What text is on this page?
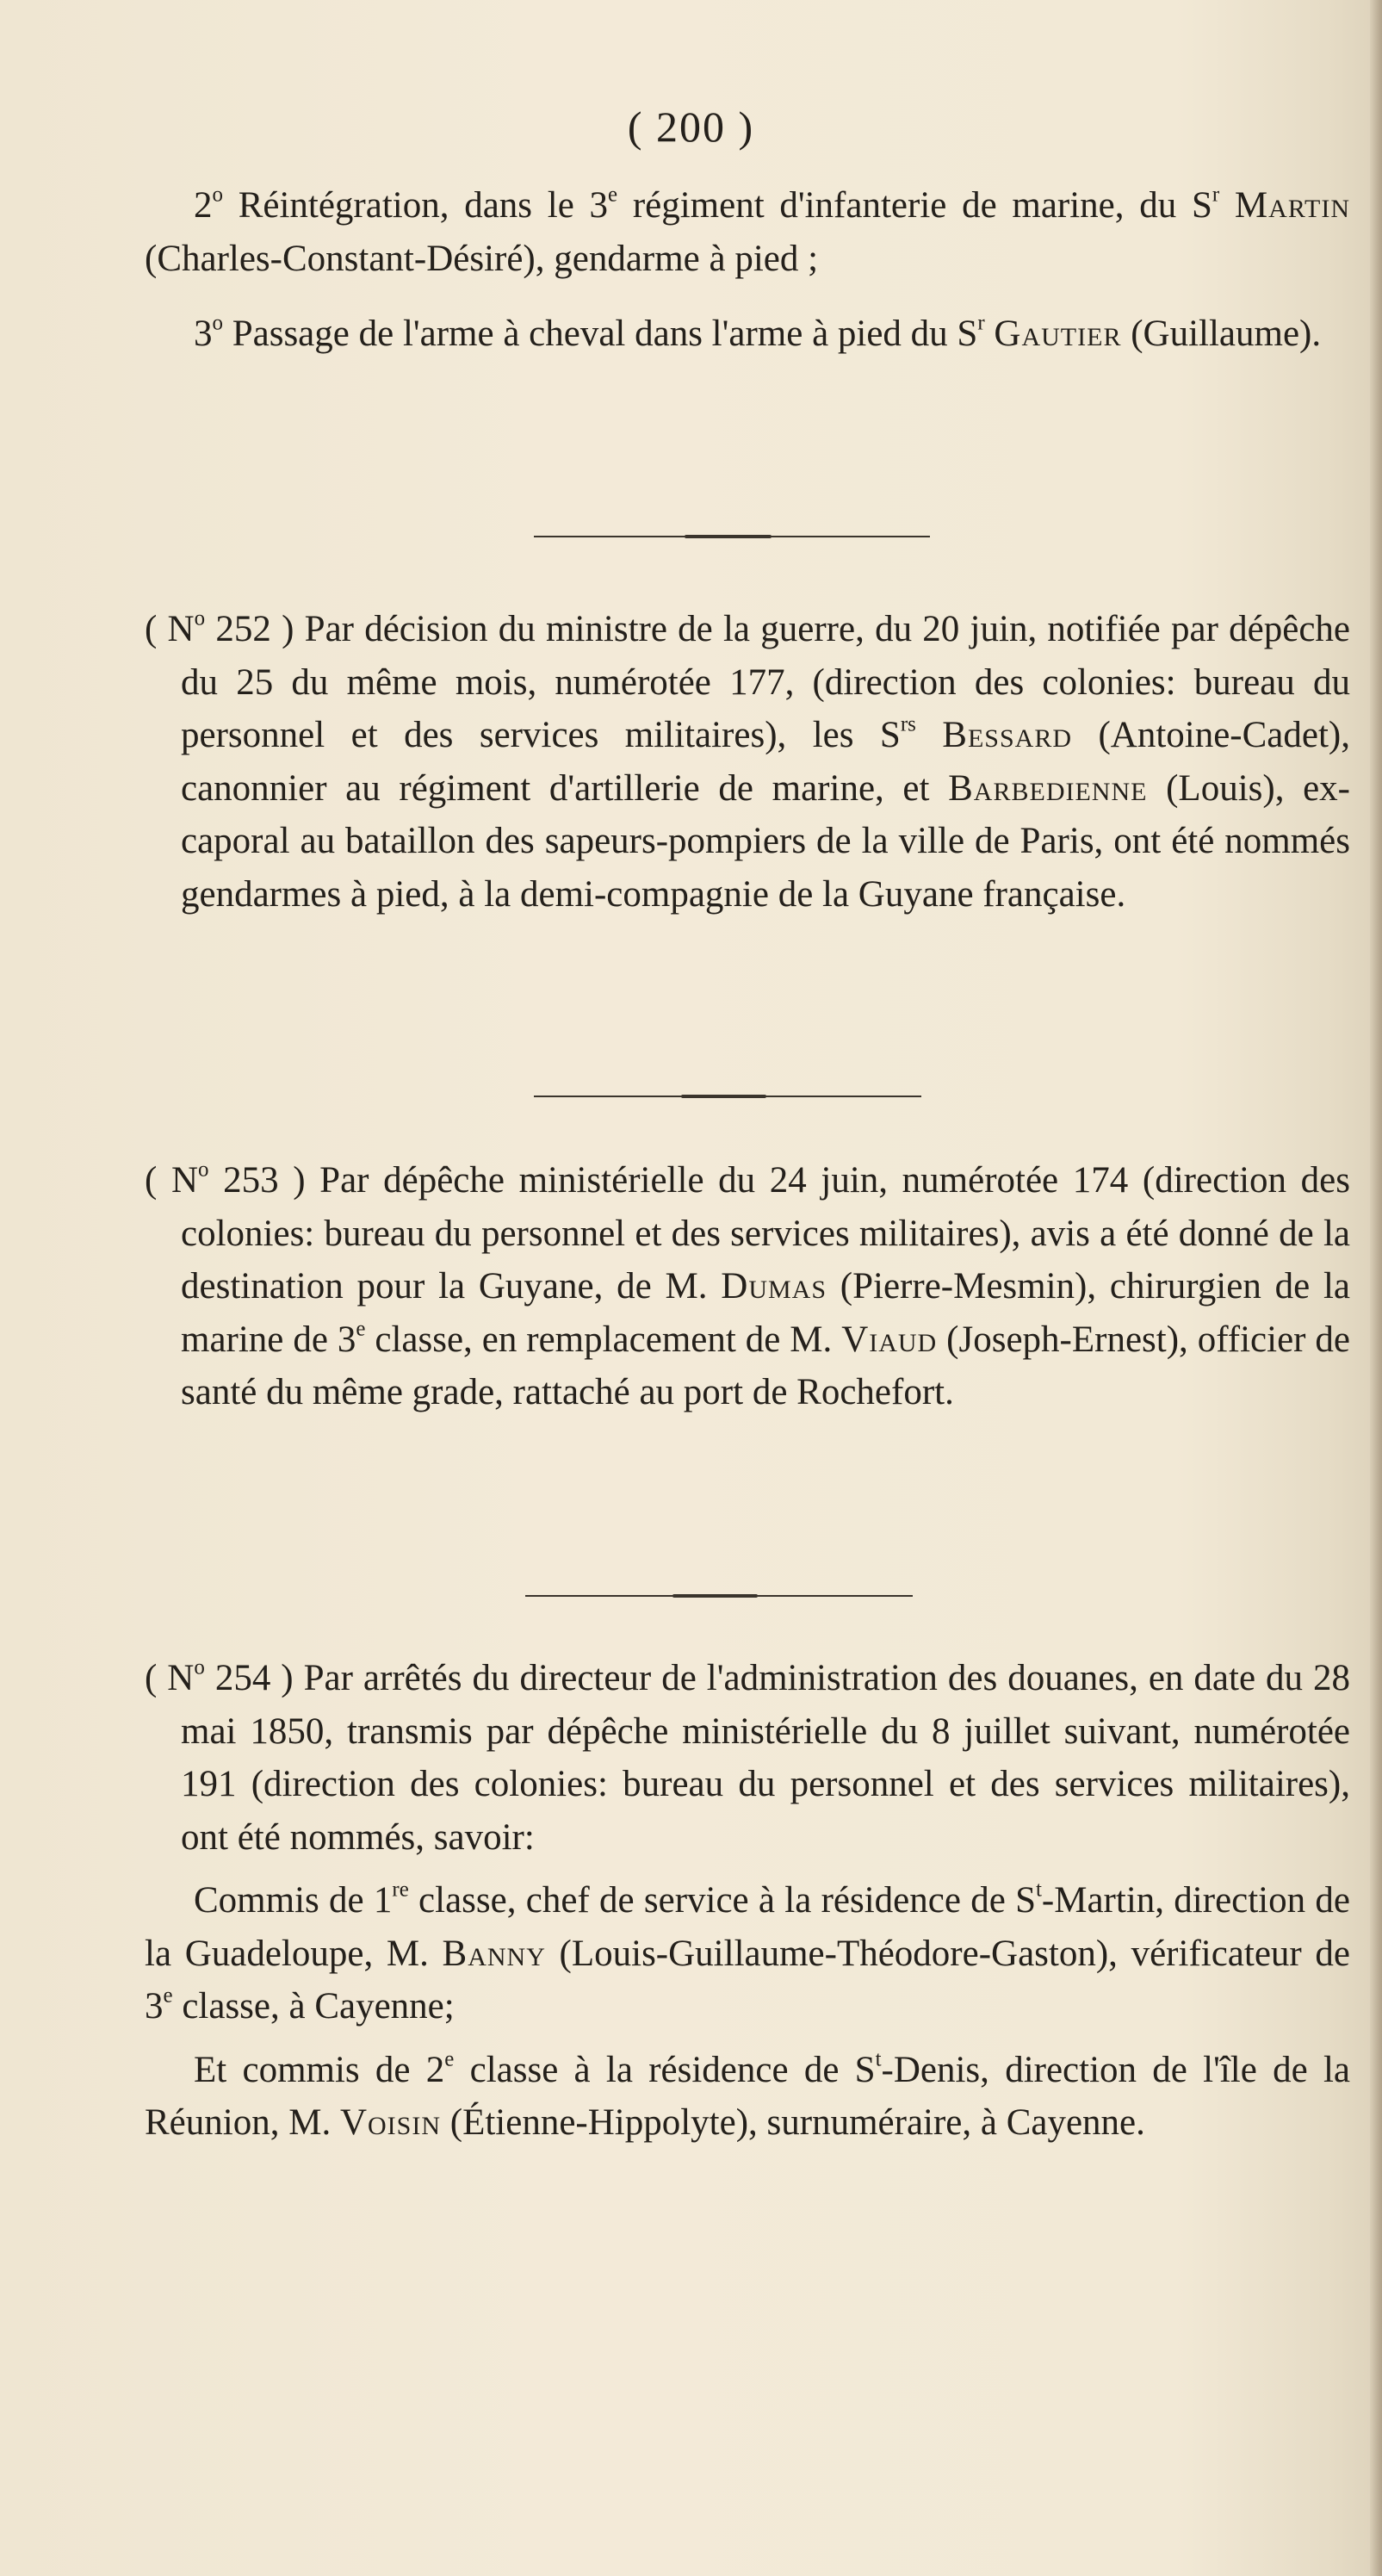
( 200 )

2$^o$ Réintégration, dans le 3e régiment d'infanterie de marine, du $S^r$ Martin (Charles-Constant-Désiré), gendarme à pied ;

3$^o$ Passage de l'arme à cheval dans l'arme à pied du $S^r$ Gautier (Guillaume).

( $N^o$ 252 ) Par décision du ministre de la guerre, du 20 juin, notifiée par dépêche du 25 du même mois, numérotée 177, (direction des colonies: bureau du personnel et des services militaires), les $S^{rs}$ Bessard (Antoine-Cadet), canonnier au régiment d'artillerie de marine, et Barbedienne (Louis), ex-caporal au bataillon des sapeurs-pompiers de la ville de Paris, ont été nommés gendarmes à pied, à la demi-compagnie de la Guyane française.

( $N^o$ 253 ) Par dépêche ministérielle du 24 juin, numérotée 174 (direction des colonies: bureau du personnel et des services militaires), avis a été donné de la destination pour la Guyane, de M. Dumas (Pierre-Mesmin), chirurgien de la marine de 3e classe, en remplacement de M. Viaud (Joseph-Ernest), officier de santé du même grade, rattaché au port de Rochefort.

( $N^o$ 254 ) Par arrêtés du directeur de l'administration des douanes, en date du 28 mai 1850, transmis par dépêche ministérielle du 8 juillet suivant, numérotée 191 (direction des colonies: bureau du personnel et des services militaires), ont été nommés, savoir:

Commis de 1re classe, chef de service à la résidence de $S^t$-Martin, direction de la Guadeloupe, M. Banny (Louis-Guillaume-Théodore-Gaston), vérificateur de 3e classe, à Cayenne;

Et commis de 2e classe à la résidence de $S^t$-Denis, direction de l'île de la Réunion, M. Voisin (Étienne-Hippolyte), surnuméraire, à Cayenne.
